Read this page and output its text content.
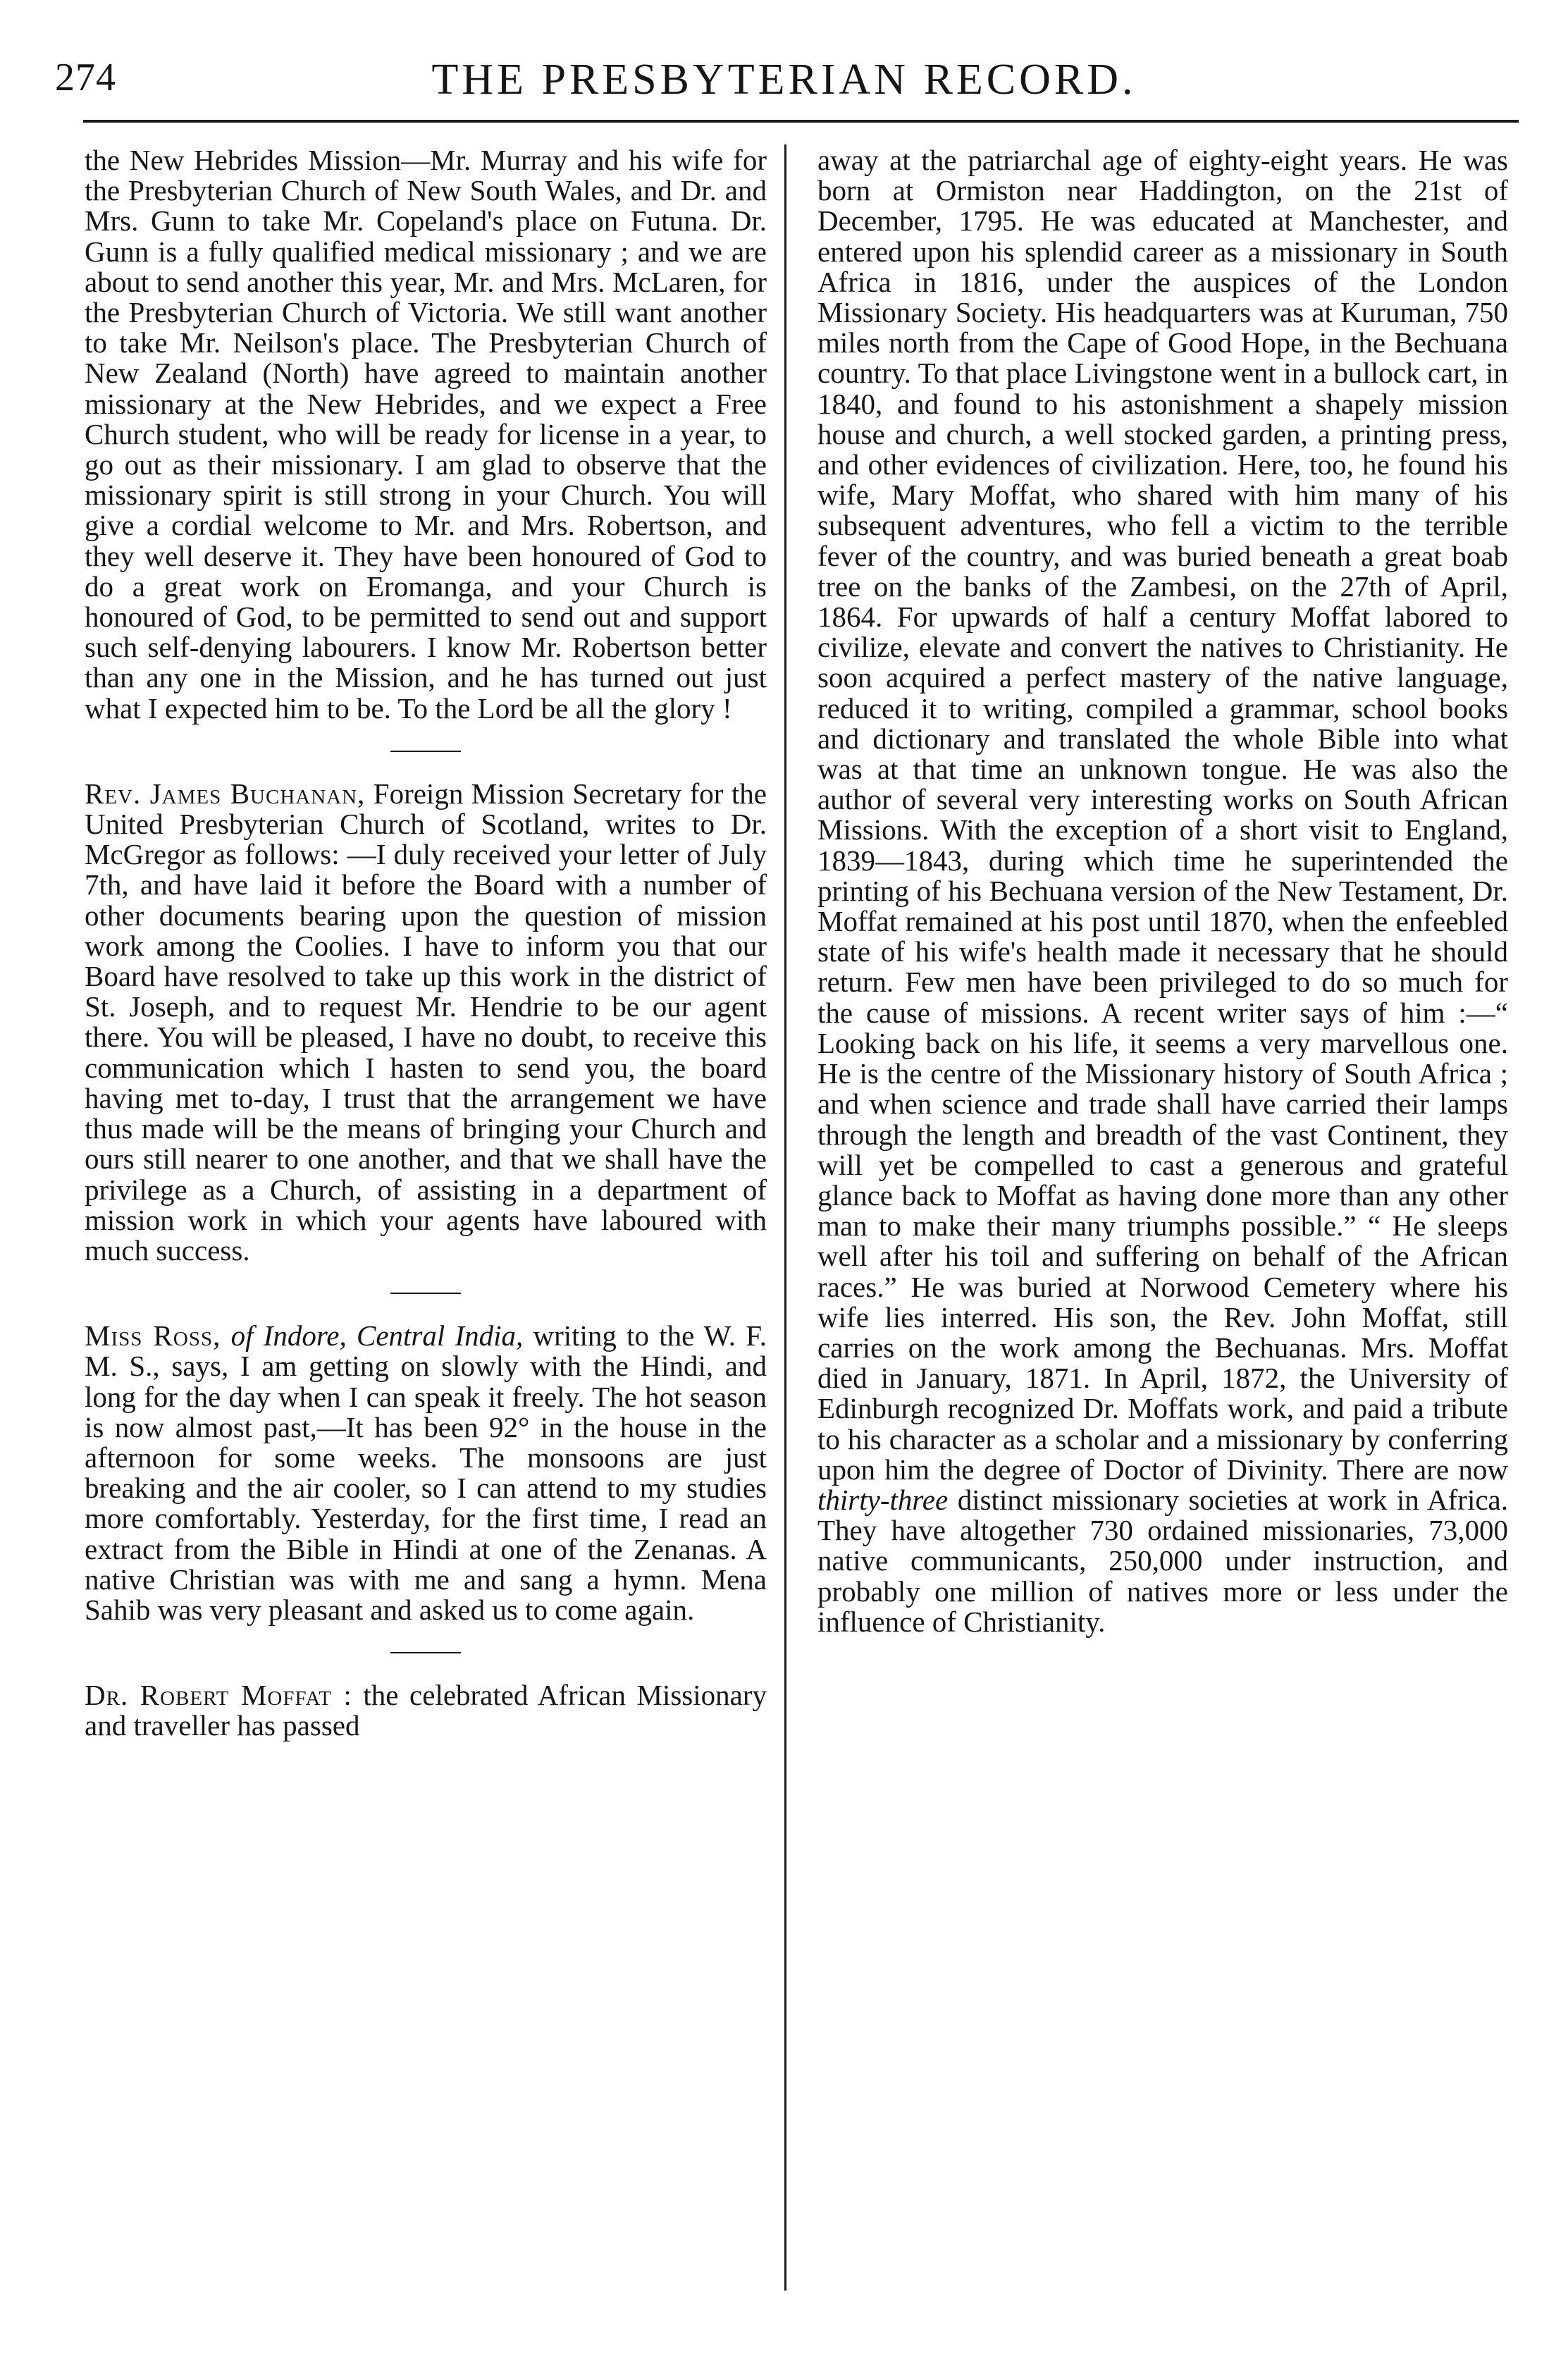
274	THE PRESBYTERIAN RECORD.

the New Hebrides Mission—Mr. Murray and his wife for the Presbyterian Church of New South Wales, and Dr. and Mrs. Gunn to take Mr. Copeland's place on Futuna. Dr. Gunn is a fully qualified medical missionary ; and we are about to send another this year, Mr. and Mrs. McLaren, for the Presbyterian Church of Victoria. We still want another to take Mr. Neilson's place. The Presbyterian Church of New Zealand (North) have agreed to maintain another missionary at the New Hebrides, and we expect a Free Church student, who will be ready for license in a year, to go out as their missionary. I am glad to observe that the missionary spirit is still strong in your Church. You will give a cordial welcome to Mr. and Mrs. Robertson, and they well deserve it. They have been honoured of God to do a great work on Eromanga, and your Church is honoured of God, to be permitted to send out and support such self-denying labourers. I know Mr. Robertson better than any one in the Mission, and he has turned out just what I expected him to be. To the Lord be all the glory !

Rev. James Buchanan, Foreign Mission Secretary for the United Presbyterian Church of Scotland, writes to Dr. McGregor as follows: —I duly received your letter of July 7th, and have laid it before the Board with a number of other documents bearing upon the question of mission work among the Coolies. I have to inform you that our Board have resolved to take up this work in the district of St. Joseph, and to request Mr. Hendrie to be our agent there. You will be pleased, I have no doubt, to receive this communication which I hasten to send you, the board having met to-day, I trust that the arrangement we have thus made will be the means of bringing your Church and ours still nearer to one another, and that we shall have the privilege as a Church, of assisting in a department of mission work in which your agents have laboured with much success.

Miss Ross, of Indore, Central India, writing to the W. F. M. S., says, I am getting on slowly with the Hindi, and long for the day when I can speak it freely. The hot season is now almost past,—It has been 92° in the house in the afternoon for some weeks. The monsoons are just breaking and the air cooler, so I can attend to my studies more comfortably. Yesterday, for the first time, I read an extract from the Bible in Hindi at one of the Zenanas. A native Christian was with me and sang a hymn. Mena Sahib was very pleasant and asked us to come again.

Dr. Robert Moffat : the celebrated African Missionary and traveller has passed

away at the patriarchal age of eighty-eight years. He was born at Ormiston near Haddington, on the 21st of December, 1795. He was educated at Manchester, and entered upon his splendid career as a missionary in South Africa in 1816, under the auspices of the London Missionary Society. His headquarters was at Kuruman, 750 miles north from the Cape of Good Hope, in the Bechuana country. To that place Livingstone went in a bullock cart, in 1840, and found to his astonishment a shapely mission house and church, a well stocked garden, a printing press, and other evidences of civilization. Here, too, he found his wife, Mary Moffat, who shared with him many of his subsequent adventures, who fell a victim to the terrible fever of the country, and was buried beneath a great boab tree on the banks of the Zambesi, on the 27th of April, 1864. For upwards of half a century Moffat labored to civilize, elevate and convert the natives to Christianity. He soon acquired a perfect mastery of the native language, reduced it to writing, compiled a grammar, school books and dictionary and translated the whole Bible into what was at that time an unknown tongue. He was also the author of several very interesting works on South African Missions. With the exception of a short visit to England, 1839—1843, during which time he superintended the printing of his Bechuana version of the New Testament, Dr. Moffat remained at his post until 1870, when the enfeebled state of his wife's health made it necessary that he should return. Few men have been privileged to do so much for the cause of missions. A recent writer says of him :—“ Looking back on his life, it seems a very marvellous one. He is the centre of the Missionary history of South Africa ; and when science and trade shall have carried their lamps through the length and breadth of the vast Continent, they will yet be compelled to cast a generous and grateful glance back to Moffat as having done more than any other man to make their many triumphs possible.” “ He sleeps well after his toil and suffering on behalf of the African races.” He was buried at Norwood Cemetery where his wife lies interred. His son, the Rev. John Moffat, still carries on the work among the Bechuanas. Mrs. Moffat died in January, 1871. In April, 1872, the University of Edinburgh recognized Dr. Moffats work, and paid a tribute to his character as a scholar and a missionary by conferring upon him the degree of Doctor of Divinity. There are now thirty-three distinct missionary societies at work in Africa. They have altogether 730 ordained missionaries, 73,000 native communicants, 250,000 under instruction, and probably one million of natives more or less under the influence of Christianity.
